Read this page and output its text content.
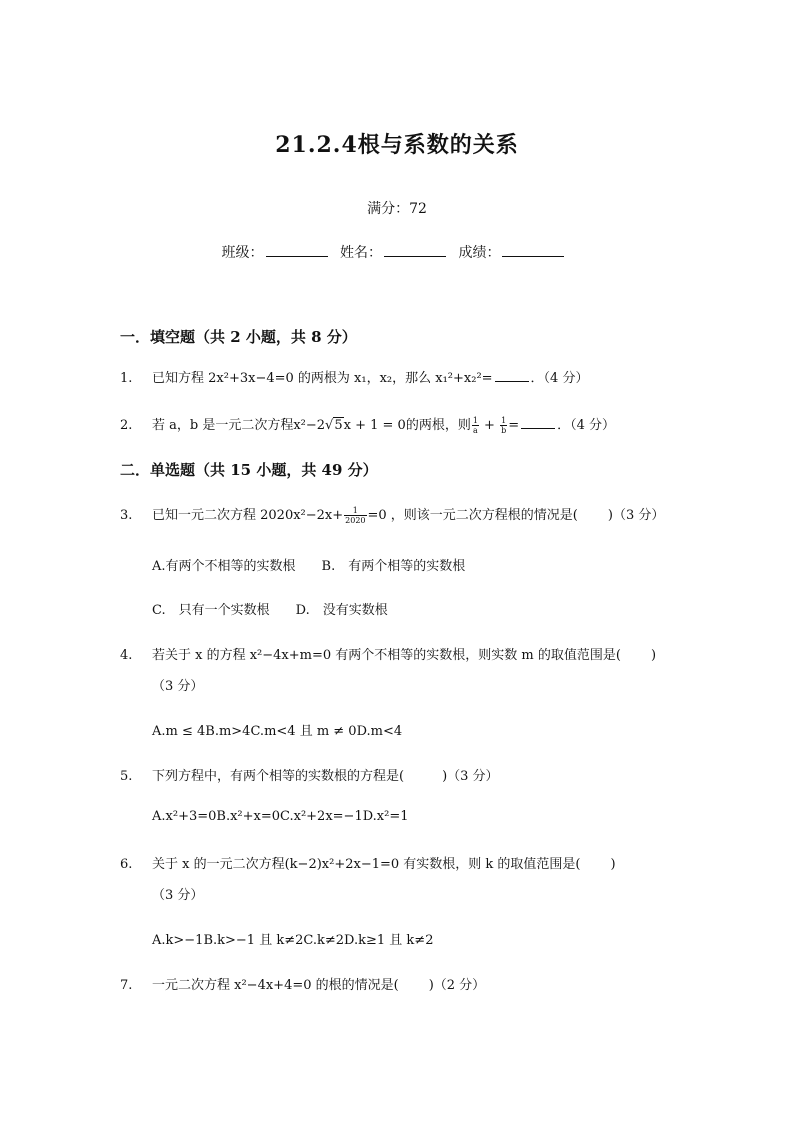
21.2.4根与系数的关系
满分：72
班级：	姓名：	成绩：
一．填空题（共 2 小题，共 8 分）
1. 已知方程 2x²+3x−4=0 的两根为 x₁，x₂，那么 x₁²+x₂²=	．（4 分）
2. 若 a，b 是一元二次方程x²−2√5x + 1 = 0的两根，则 $\frac{1}{a} + \frac{1}{b}$ =	．（4 分）
二．单选题（共 15 小题，共 49 分）
3. 已知一元二次方程 $2020x^2-2x+ \frac{1}{2020} =0$ ，则该一元二次方程根的情况是( )（3 分）
A.有两个不相等的实数根 B.　有两个相等的实数根
C.　只有一个实数根 D.　没有实数根
4. 若关于 x 的方程 x²−4x+m=0 有两个不相等的实数根，则实数 m 的取值范围是( )
（3 分）
A.m ≤ 4B.m>4C.m<4 且 m ≠ 0D.m<4
5. 下列方程中，有两个相等的实数根的方程是(	)（3 分）
A.x²+3=0B.x²+x=0C.x²+2x=−1D.x²=1
6. 关于 x 的一元二次方程(k−2)x²+2x−1=0 有实数根，则 k 的取值范围是( )
（3 分）
A.k>−1B.k>−1 且 k≠2C.k≠2D.k≥1 且 k≠2
7. 一元二次方程 x²−4x+4=0 的根的情况是( )（2 分）
